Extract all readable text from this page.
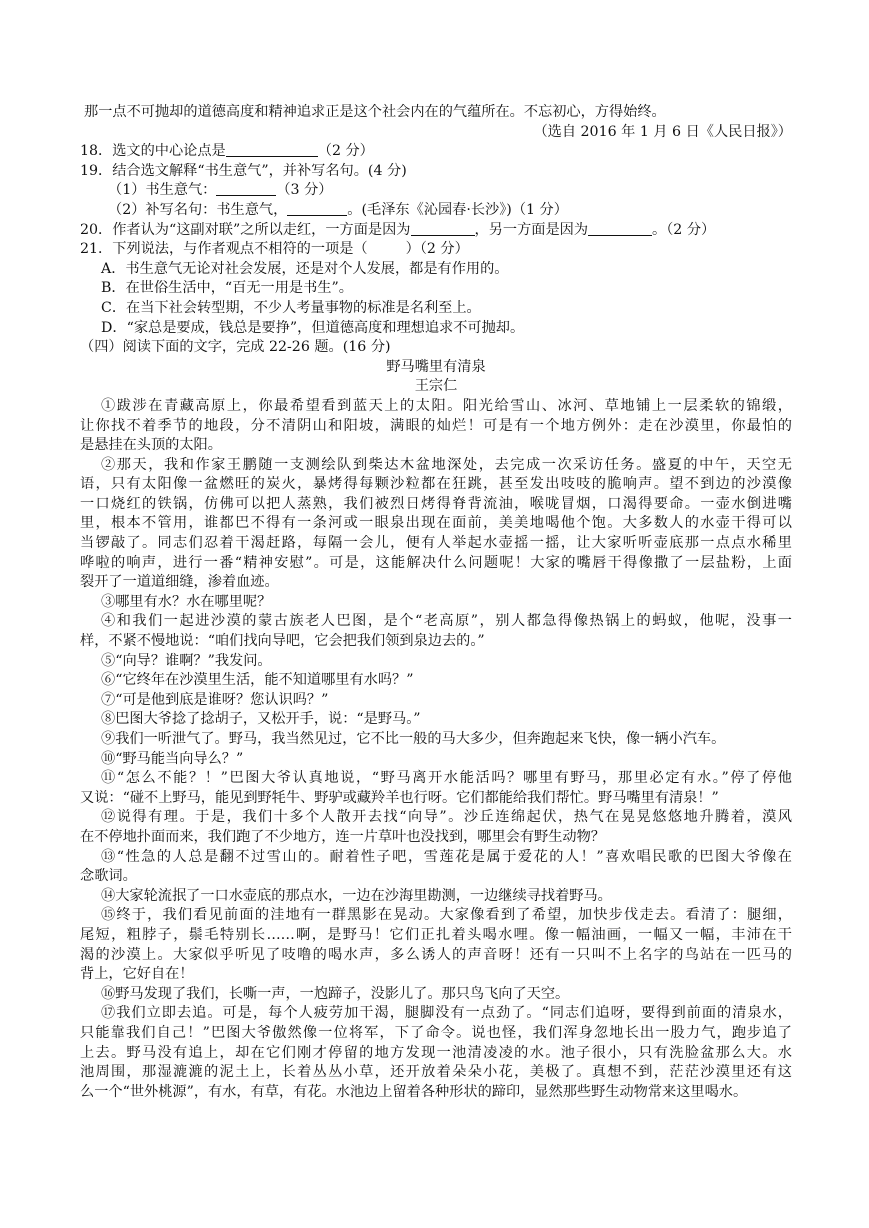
那一点不可抛却的道德高度和精神追求正是这个社会内在的气蕴所在。不忘初心，方得始终。
（选自 2016 年 1 月 6 日《人民日报》）
18．选文的中心论点是	（2 分）
19．结合选文解释“书生意气”，并补写名句。(4 分)
（1）书生意气：	（3 分）
（2）补写名句：书生意气，	。(毛泽东《沁园春·长沙》)（1 分）
20．作者认为“这副对联”之所以走红，一方面是因为	，另一方面是因为	。（2 分）
21．下列说法，与作者观点不相符的一项是（	）（2 分）
A．书生意气无论对社会发展，还是对个人发展，都是有作用的。
B．在世俗生活中，“百无一用是书生”。
C．在当下社会转型期，不少人考量事物的标准是名利至上。
D．“家总是要成，钱总是要挣”，但道德高度和理想追求不可抛却。
（四）阅读下面的文字，完成 22-26 题。(16 分)
野马嘴里有清泉
王宗仁
①跋涉在青藏高原上，你最希望看到蓝天上的太阳。阳光给雪山、冰河、草地铺上一层柔软的锦缎，
让你找不着季节的地段，分不清阴山和阳坡，满眼的灿烂！可是有一个地方例外：走在沙漠里，你最怕的
是悬挂在头顶的太阳。
②那天，我和作家王鹏随一支测绘队到柴达木盆地深处，去完成一次采访任务。盛夏的中午，天空无
语，只有太阳像一盆燃旺的炭火，暴烤得每颗沙粒都在狂跳，甚至发出吱吱的脆响声。望不到边的沙漠像
一口烧红的铁锅，仿佛可以把人蒸熟，我们被烈日烤得脊背流油，喉咙冒烟，口渴得要命。一壶水倒进嘴
里，根本不管用，谁都巴不得有一条河或一眼泉出现在面前，美美地喝他个饱。大多数人的水壶干得可以
当锣敲了。同志们忍着干渴赶路，每隔一会儿，便有人举起水壶摇一摇，让大家听听壶底那一点点水稀里
哗啦的响声，进行一番“精神安慰”。可是，这能解决什么问题呢！大家的嘴唇干得像撒了一层盐粉，上面
裂开了一道道细缝，渗着血迹。
③哪里有水？水在哪里呢？
④和我们一起进沙漠的蒙古族老人巴图，是个“老高原”，别人都急得像热锅上的蚂蚁，他呢，没事一
样，不紧不慢地说：“咱们找向导吧，它会把我们领到泉边去的。”
⑤“向导？谁啊？”我发问。
⑥“它终年在沙漠里生活，能不知道哪里有水吗？”
⑦“可是他到底是谁呀？您认识吗？”
⑧巴图大爷捻了捻胡子，又松开手，说：“是野马。”
⑨我们一听泄气了。野马，我当然见过，它不比一般的马大多少，但奔跑起来飞快，像一辆小汽车。
⑩“野马能当向导么？”
⑪“怎么不能？！”巴图大爷认真地说，“野马离开水能活吗？哪里有野马，那里必定有水。”停了停他
又说：“碰不上野马，能见到野牦牛、野驴或藏羚羊也行呀。它们都能给我们帮忙。野马嘴里有清泉！”
⑫说得有理。于是，我们十多个人散开去找“向导”。沙丘连绵起伏，热气在晃晃悠悠地升腾着，漠风
在不停地扑面而来，我们跑了不少地方，连一片草叶也没找到，哪里会有野生动物？
⑬“性急的人总是翻不过雪山的。耐着性子吧，雪莲花是属于爱花的人！”喜欢唱民歌的巴图大爷像在
念歌词。
⑭大家轮流抿了一口水壶底的那点水，一边在沙海里勘测，一边继续寻找着野马。
⑮终于，我们看见前面的洼地有一群黑影在晃动。大家像看到了希望，加快步伐走去。看清了：腿细，
尾短，粗脖子，鬃毛特别长……啊，是野马！它们正扎着头喝水哩。像一幅油画，一幅又一幅，丰沛在干
渴的沙漠上。大家似乎听见了吱噜的喝水声，多么诱人的声音呀！还有一只叫不上名字的鸟站在一匹马的
背上，它好自在！
⑯野马发现了我们，长嘶一声，一尥蹄子，没影儿了。那只鸟飞向了天空。
⑰我们立即去追。可是，每个人疲劳加干渴，腿脚没有一点劲了。“同志们追呀，要得到前面的清泉水，
只能靠我们自己！”巴图大爷傲然像一位将军，下了命令。说也怪，我们浑身忽地长出一股力气，跑步追了
上去。野马没有追上，却在它们刚才停留的地方发现一池清凌凌的水。池子很小，只有洗脸盆那么大。水
池周围，那湿漉漉的泥土上，长着丛丛小草，还开放着朵朵小花，美极了。真想不到，茫茫沙漠里还有这
么一个“世外桃源”，有水，有草，有花。水池边上留着各种形状的蹄印，显然那些野生动物常来这里喝水。
